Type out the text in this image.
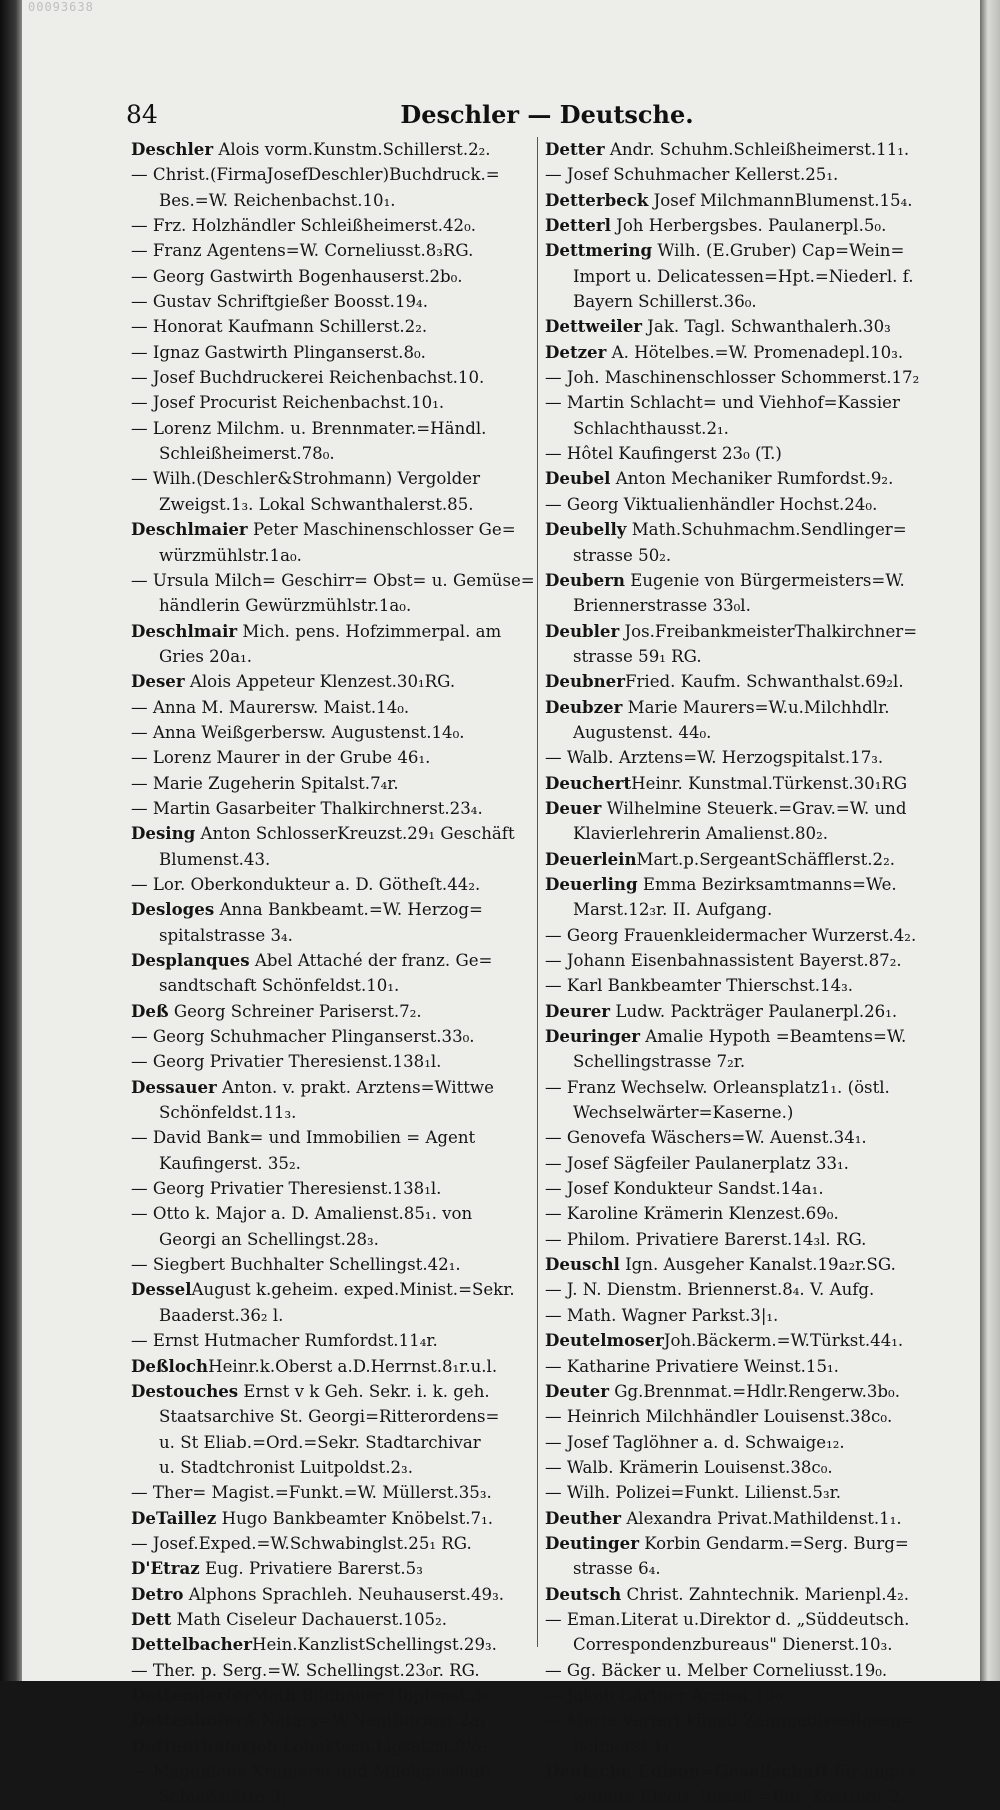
00093638
84	Deschler — Deutsche.
Deschler Alois vorm.Kunstm.Schillerst.2₂.
— Christ.(FirmaJosefDeschler)Buchdruck.=
Bes.=W. Reichenbachst.10₁.
— Frz. Holzhändler Schleißheimerst.42₀.
— Franz Agentens=W. Corneliusst.8₃RG.
— Georg Gastwirth Bogenhauserst.2b₀.
— Gustav Schriftgießer Boosst.19₄.
— Honorat Kaufmann Schillerst.2₂.
— Ignaz Gastwirth Plinganserst.8₀.
— Josef Buchdruckerei Reichenbachst.10.
— Josef Procurist Reichenbachst.10₁.
— Lorenz Milchm. u. Brennmater.=Händl.
Schleißheimerst.78₀.
— Wilh.(Deschler&Strohmann) Vergolder
Zweigst.1₃. Lokal Schwanthalerst.85.
Deschlmaier Peter Maschinenschlosser Ge=
würzmühlstr.1a₀.
— Ursula Milch= Geschirr= Obst= u. Gemüse=
händlerin Gewürzmühlstr.1a₀.
Deschlmair Mich. pens. Hofzimmerpal. am
Gries 20a₁.
Deser Alois Appeteur Klenzest.30₁RG.
— Anna M. Maurersw. Maist.14₀.
— Anna Weißgerbersw. Augustenst.14₀.
— Lorenz Maurer in der Grube 46₁.
— Marie Zugeherin Spitalst.7₄r.
— Martin Gasarbeiter Thalkirchnerst.23₄.
Desing Anton SchlosserKreuzst.29₁ Geschäft
Blumenst.43.
— Lor. Oberkondukteur a. D. Götheſt.44₂.
Desloges Anna Bankbeamt.=W. Herzog=
spitalstrasse 3₄.
Desplanques Abel Attaché der franz. Ge=
sandtschaft Schönfeldst.10₁.
Deß Georg Schreiner Pariserst.7₂.
— Georg Schuhmacher Plinganserst.33₀.
— Georg Privatier Theresienst.138₁l.
Dessauer Anton. v. prakt. Arztens=Wittwe
Schönfeldst.11₃.
— David Bank= und Immobilien = Agent
Kaufingerst. 35₂.
— Georg Privatier Theresienst.138₁l.
— Otto k. Major a. D. Amalienst.85₁. von
Georgi an Schellingst.28₃.
— Siegbert Buchhalter Schellingst.42₁.
DesselAugust k.geheim. exped.Minist.=Sekr.
Baaderst.36₂ l.
— Ernst Hutmacher Rumfordst.11₄r.
DeßlochHeinr.k.Oberst a.D.Herrnst.8₁r.u.l.
Destouches Ernst v k Geh. Sekr. i. k. geh.
Staatsarchive St. Georgi=Ritterordens=
u. St Eliab.=Ord.=Sekr. Stadtarchivar
u. Stadtchronist Luitpoldst.2₃.
— Ther= Magist.=Funkt.=W. Müllerst.35₃.
DeTaillez Hugo Bankbeamter Knöbelst.7₁.
— Josef.Exped.=W.Schwabinglst.25₁ RG.
D'Etraz Eug. Privatiere Barerst.5₃
Detro Alphons Sprachleh. Neuhauserst.49₃.
Dett Math Ciseleur Dachauerst.105₂.
DettelbacherHein.KanzlistSchellingst.29₃.
— Ther. p. Serg.=W. Schellingst.23₀r. RG.
DettendorferMath.Bildhauer Hopfenst.3₃
DettenhoferA.Notars=W.Neuthurmst.2a₁
DettenthalerJoh.Lohnktsch.Ligsalzst.9½₁
— Magdalene Krämerei und Milchgeschäft
Schießstätte 9₁.
Detter Andr. Schuhm.Schleißheimerst.11₁.
— Josef Schuhmacher Kellerst.25₁.
Detterbeck Josef MilchmannBlumenst.15₄.
Detterl Joh Herbergsbes. Paulanerpl.5₀.
Dettmering Wilh. (E.Gruber) Cap=Wein=
Import u. Delicatessen=Hpt.=Niederl. f.
Bayern Schillerst.36₀.
Dettweiler Jak. Tagl. Schwanthalerh.30₃
Detzer A. Hötelbes.=W. Promenadepl.10₃.
— Joh. Maschinenschlosser Schommerst.17₂
— Martin Schlacht= und Viehhof=Kassier
Schlachthausst.2₁.
— Hôtel Kaufingerst 23₀ (T.)
Deubel Anton Mechaniker Rumfordst.9₂.
— Georg Viktualienhändler Hochst.24₀.
Deubelly Math.Schuhmachm.Sendlinger=
strasse 50₂.
Deubern Eugenie von Bürgermeisters=W.
Briennerstrasse 33₀l.
Deubler Jos.FreibankmeisterThalkirchner=
strasse 59₁ RG.
DeubnerFried. Kaufm. Schwanthalst.69₂l.
Deubzer Marie Maurers=W.u.Milchhdlr.
Augustenst. 44₀.
— Walb. Arztens=W. Herzogspitalst.17₃.
DeuchertHeinr. Kunstmal.Türkenst.30₁RG
Deuer Wilhelmine Steuerk.=Grav.=W. und
Klavierlehrerin Amalienst.80₂.
DeuerleinMart.p.SergeantSchäfflerst.2₂.
Deuerling Emma Bezirksamtmanns=We.
Marst.12₃r. II. Aufgang.
— Georg Frauenkleidermacher Wurzerst.4₂.
— Johann Eisenbahnassistent Bayerst.87₂.
— Karl Bankbeamter Thierschst.14₃.
Deurer Ludw. Packträger Paulanerpl.26₁.
Deuringer Amalie Hypoth =Beamtens=W.
Schellingstrasse 7₂r.
— Franz Wechselw. Orleansplatz1₁. (östl.
Wechselwärter=Kaserne.)
— Genovefa Wäschers=W. Auenst.34₁.
— Josef Sägfeiler Paulanerplatz 33₁.
— Josef Kondukteur Sandst.14a₁.
— Karoline Krämerin Klenzest.69₀.
— Philom. Privatiere Barerst.14₃l. RG.
Deuschl Ign. Ausgeher Kanalst.19a₂r.SG.
— J. N. Dienstm. Briennerst.8₄. V. Aufg.
— Math. Wagner Parkst.3|₁.
DeutelmoserJoh.Bäckerm.=W.Türkst.44₁.
— Katharine Privatiere Weinst.15₁.
Deuter Gg.Brennmat.=Hdlr.Rengerw.3b₀.
— Heinrich Milchhändler Louisenst.38c₀.
— Josef Taglöhner a. d. Schwaige₁₂.
— Walb. Krämerin Louisenst.38c₀.
— Wilh. Polizei=Funkt. Lilienst.5₃r.
Deuther Alexandra Privat.Mathildenst.1₁.
Deutinger Korbin Gendarm.=Serg. Burg=
strasse 6₄.
Deutsch Christ. Zahntechnik. Marienpl.4₂.
— Eman.Literat u.Direktor d. „Süddeutsch.
Correspondenzbureaus" Dienerst.10₃.
— Gg. Bäcker u. Melber Corneliusst.19₀.
— Jakob Gärtner Arcisst.15₀.
— Maria Verfert.künstl.ZahngebisseRosen=
heimerst.1₁.
Deutsche Edison=Gesellschaft für ange=
wandte Electr. Install.=Bur. Kostthor 2.
